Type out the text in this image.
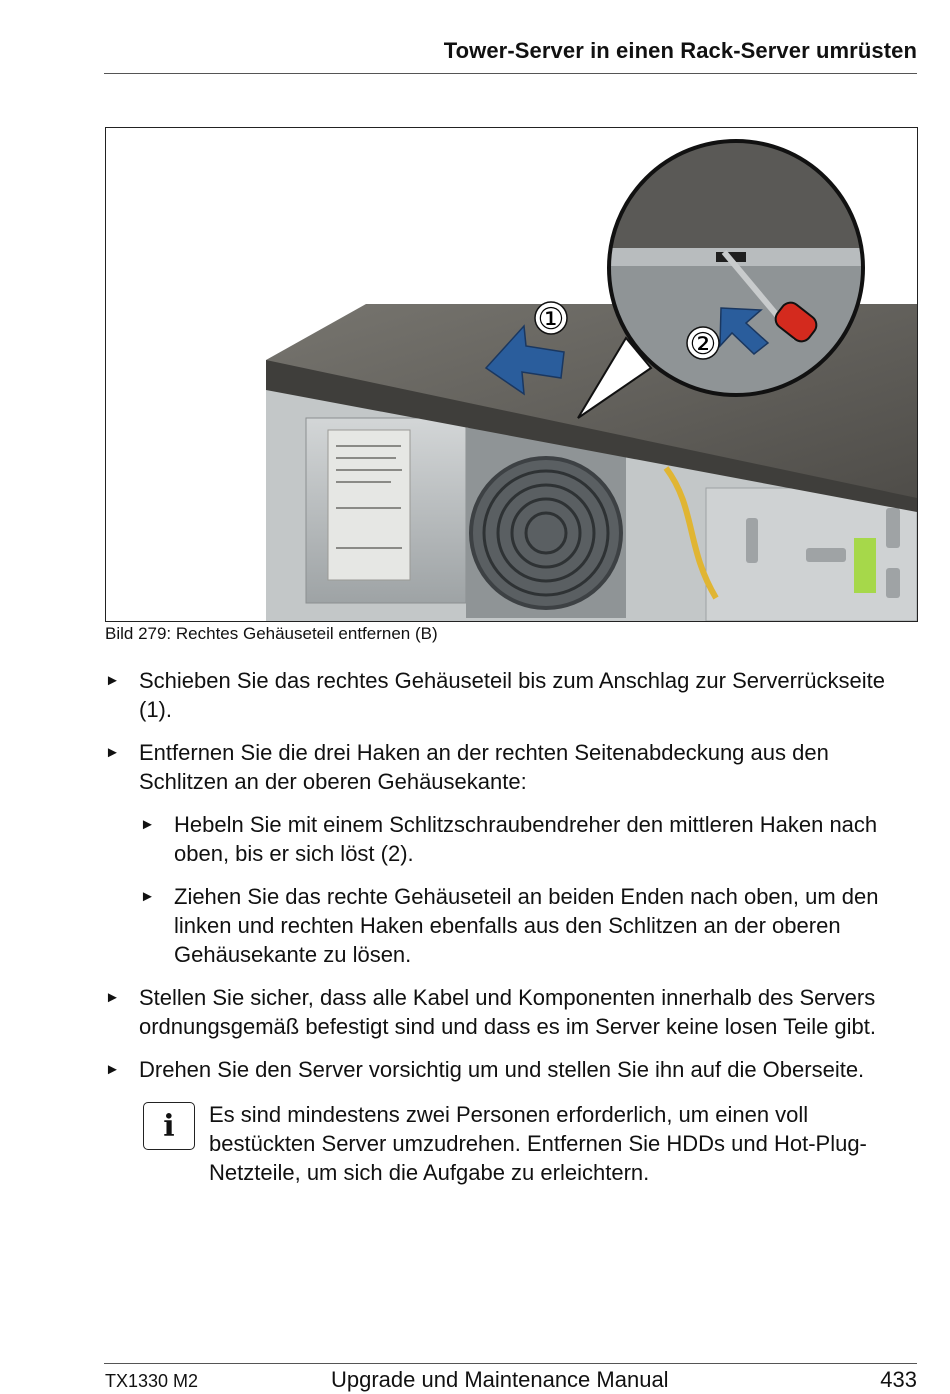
Tower-Server in einen Rack-Server umrüsten
①
②
Bild 279: Rechtes Gehäuseteil entfernen (B)
► Schieben Sie das rechtes Gehäuseteil bis zum Anschlag zur Serverrückseite (1).
► Entfernen Sie die drei Haken an der rechten Seitenabdeckung aus den Schlitzen an der oberen Gehäusekante:
► Hebeln Sie mit einem Schlitzschraubendreher den mittleren Haken nach oben, bis er sich löst (2).
► Ziehen Sie das rechte Gehäuseteil an beiden Enden nach oben, um den linken und rechten Haken ebenfalls aus den Schlitzen an der oberen Gehäusekante zu lösen.
► Stellen Sie sicher, dass alle Kabel und Komponenten innerhalb des Servers ordnungsgemäß befestigt sind und dass es im Server keine losen Teile gibt.
► Drehen Sie den Server vorsichtig um und stellen Sie ihn auf die Oberseite.
i	Es sind mindestens zwei Personen erforderlich, um einen voll bestückten Server umzudrehen. Entfernen Sie HDDs und Hot-Plug-Netzteile, um sich die Aufgabe zu erleichtern.
TX1330 M2	Upgrade und Maintenance Manual	433
